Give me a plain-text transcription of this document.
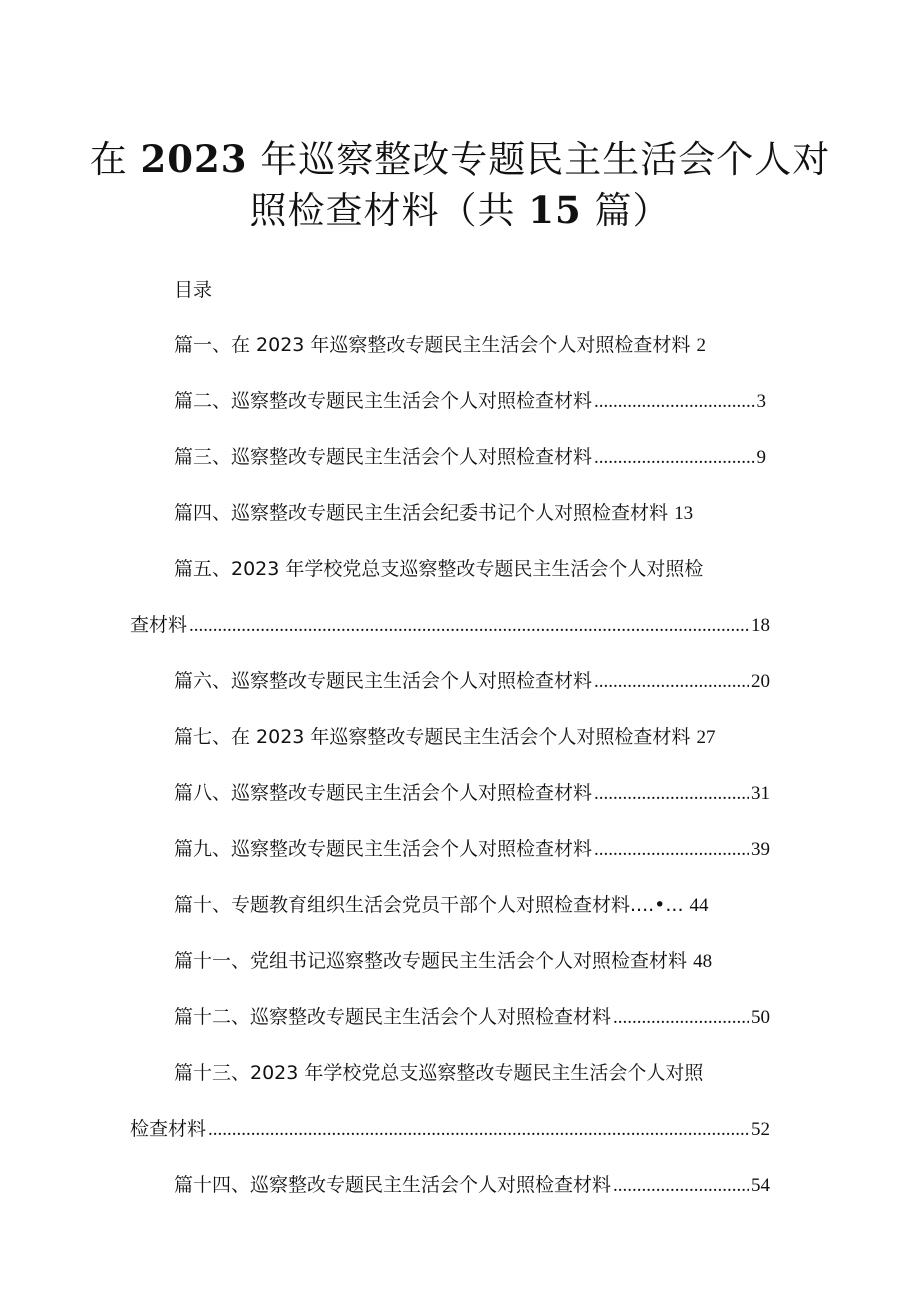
在 2023 年巡察整改专题民主生活会个人对
照检查材料（共 15 篇）
目录
篇一、在 2023 年巡察整改专题民主生活会个人对照检查材料 2
篇二、巡察整改专题民主生活会个人对照检查材料 .....	3
篇三、巡察整改专题民主生活会个人对照检查材料 .....	9
篇四、巡察整改专题民主生活会纪委书记个人对照检查材料 13
篇五、2023 年学校党总支巡察整改专题民主生活会个人对照检
查材料 .....	18
篇六、巡察整改专题民主生活会个人对照检查材料 .....	20
篇七、在 2023 年巡察整改专题民主生活会个人对照检查材料 27
篇八、巡察整改专题民主生活会个人对照检查材料 .....	31
篇九、巡察整改专题民主生活会个人对照检查材料 .....	39
篇十、专题教育组织生活会党员干部个人对照检查材料....•... 44
篇十一、党组书记巡察整改专题民主生活会个人对照检查材料 48
篇十二、巡察整改专题民主生活会个人对照检查材料 .....	50
篇十三、2023 年学校党总支巡察整改专题民主生活会个人对照
检查材料 .....	52
篇十四、巡察整改专题民主生活会个人对照检查材料 .....	54
